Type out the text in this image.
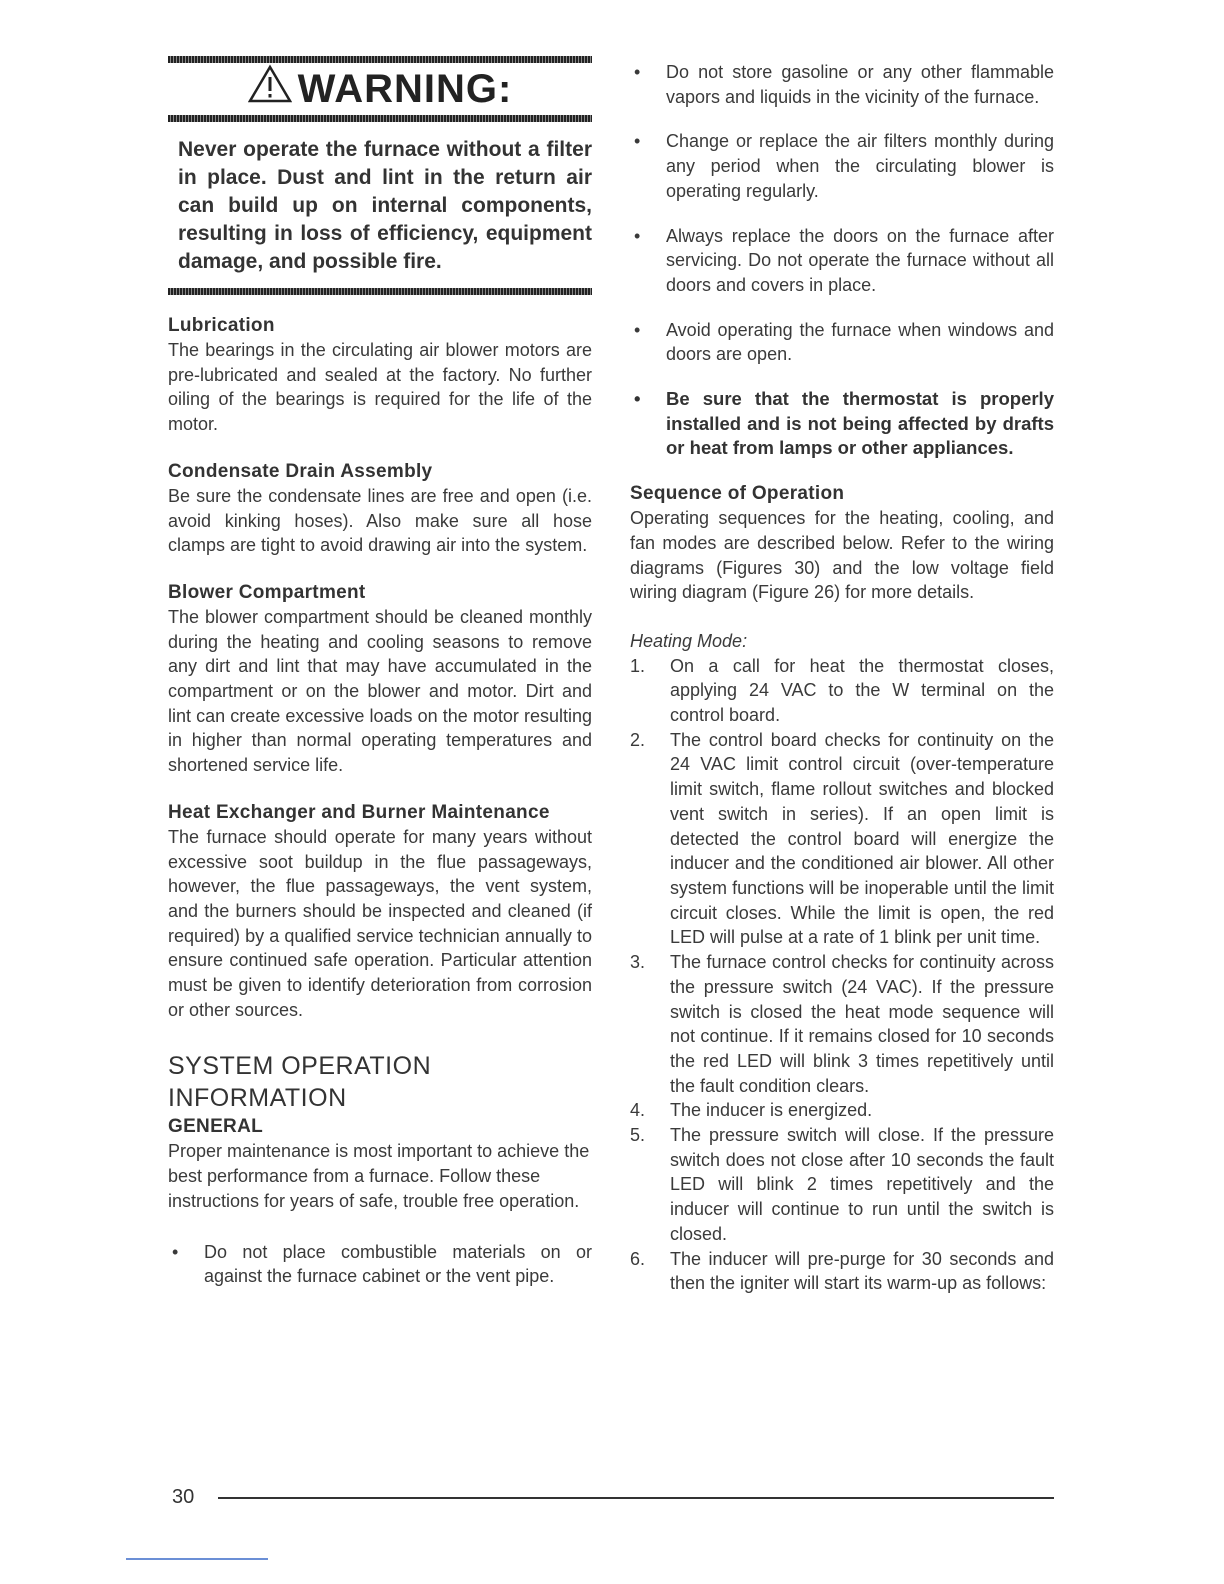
WARNING:
Never operate the furnace without a filter in place. Dust and lint in the return air can build up on internal components, resulting in loss of efficiency, equipment damage, and possible fire.
Lubrication

The bearings in the circulating air blower motors are pre-lubricated and sealed at the factory. No further oiling of the bearings is required for the life of the motor.

Condensate Drain Assembly

Be sure the condensate lines are free and open (i.e. avoid kinking hoses). Also make sure all hose clamps are tight to avoid drawing air into the system.

Blower Compartment

The blower compartment should be cleaned monthly during the heating and cooling seasons to remove any dirt and lint that may have accumulated in the compartment or on the blower and motor. Dirt and lint can create excessive loads on the motor resulting in higher than normal operating temperatures and shortened service life.

Heat Exchanger and Burner Maintenance

The furnace should operate for many years without excessive soot buildup in the flue passageways, however, the flue passageways, the vent system, and the burners should be inspected and cleaned (if required) by a qualified service technician annually to ensure continued safe operation. Particular attention must be given to identify deterioration from corrosion or other sources.

SYSTEM OPERATION
INFORMATION
GENERAL

Proper maintenance is most important to achieve the best performance from a furnace. Follow these instructions for years of safe, trouble free operation.

• Do not place combustible materials on or against the furnace cabinet or the vent pipe.
• Do not store gasoline or any other flammable vapors and liquids in the vicinity of the furnace.
• Change or replace the air filters monthly during any period when the circulating blower is operating regularly.
• Always replace the doors on the furnace after servicing. Do not operate the furnace without all doors and covers in place.
• Avoid operating the furnace when windows and doors are open.
• Be sure that the thermostat is properly installed and is not being affected by drafts or heat from lamps or other appliances.
Sequence of Operation

Operating sequences for the heating, cooling, and fan modes are described below. Refer to the wiring diagrams (Figures 30) and the low voltage field wiring diagram (Figure 26) for more details.

Heating Mode:
1. On a call for heat the thermostat closes, applying 24 VAC to the W terminal on the control board.
2. The control board checks for continuity on the 24 VAC limit control circuit (over-temperature limit switch, flame rollout switches and blocked vent switch in series). If an open limit is detected the control board will energize the inducer and the conditioned air blower. All other system functions will be inoperable until the limit circuit closes. While the limit is open, the red LED will pulse at a rate of 1 blink per unit time.
3. The furnace control checks for continuity across the pressure switch (24 VAC). If the pressure switch is closed the heat mode sequence will not continue. If it remains closed for 10 seconds the red LED will blink 3 times repetitively until the fault condition clears.
4. The inducer is energized.
5. The pressure switch will close. If the pressure switch does not close after 10 seconds the fault LED will blink 2 times repetitively and the inducer will continue to run until the switch is closed.
6. The inducer will pre-purge for 30 seconds and then the igniter will start its warm-up as follows:
30
